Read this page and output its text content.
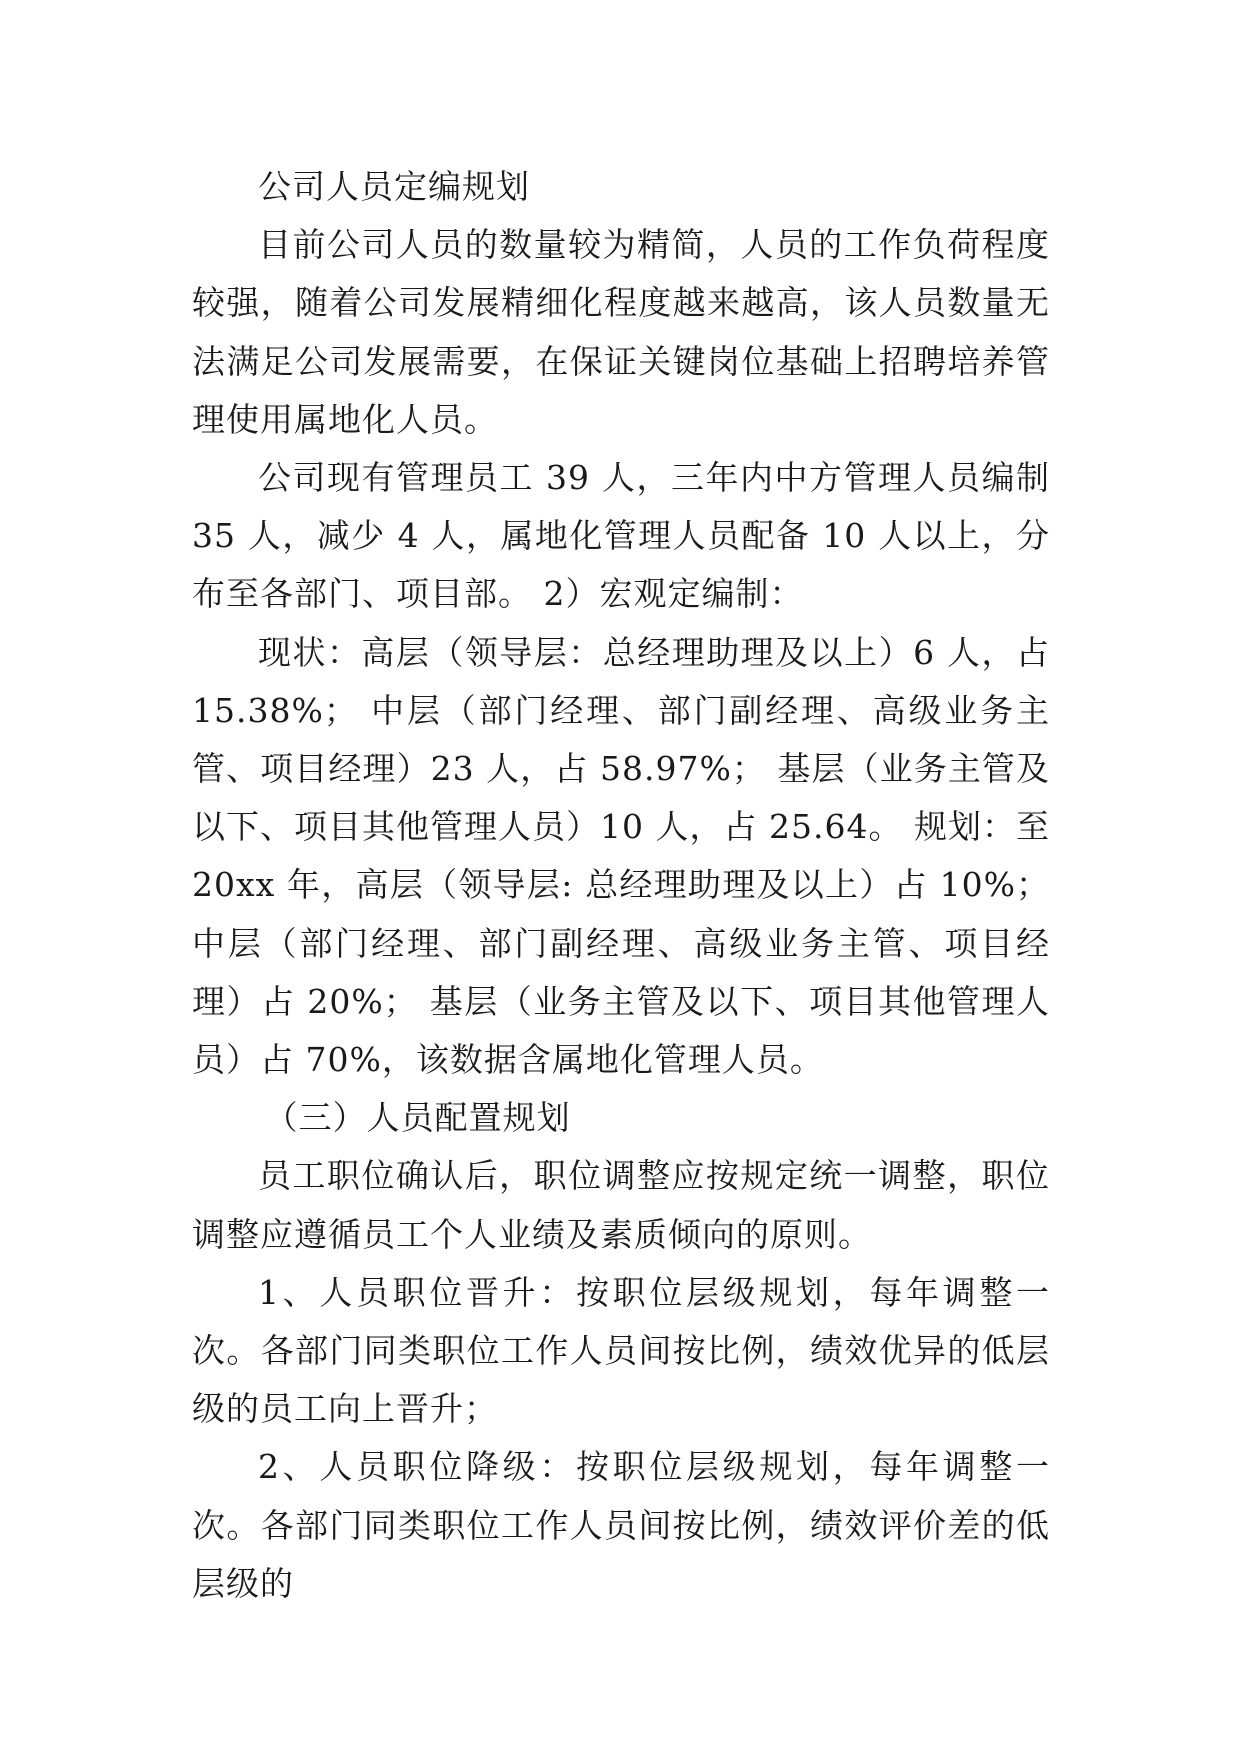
公司人员定编规划

目前公司人员的数量较为精简，人员的工作负荷程度较强，随着公司发展精细化程度越来越高，该人员数量无法满足公司发展需要，在保证关键岗位基础上招聘培养管理使用属地化人员。

公司现有管理员工 39 人，三年内中方管理人员编制 35 人，减少 4 人，属地化管理人员配备 10 人以上，分布至各部门、项目部。 2）宏观定编制：

现状：高层（领导层：总经理助理及以上）6 人，占 15.38%； 中层（部门经理、部门副经理、高级业务主管、项目经理）23 人，占 58.97%； 基层（业务主管及以下、项目其他管理人员）10 人，占 25.64。 规划：至 20xx 年，高层（领导层: 总经理助理及以上）占 10%； 中层（部门经理、部门副经理、高级业务主管、项目经理）占 20%； 基层（业务主管及以下、项目其他管理人员）占 70%，该数据含属地化管理人员。

（三）人员配置规划

员工职位确认后，职位调整应按规定统一调整，职位调整应遵循员工个人业绩及素质倾向的原则。

1、人员职位晋升：按职位层级规划，每年调整一次。各部门同类职位工作人员间按比例，绩效优异的低层级的员工向上晋升；

2、人员职位降级：按职位层级规划，每年调整一次。各部门同类职位工作人员间按比例，绩效评价差的低层级的
